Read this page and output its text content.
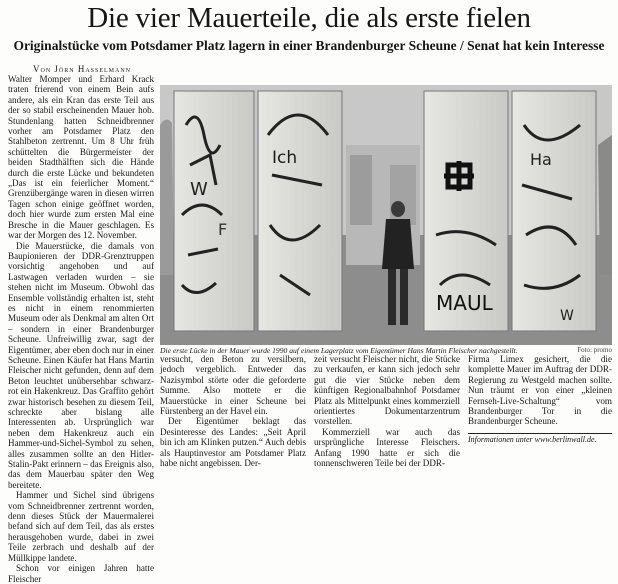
Die vier Mauerteile, die als erste fielen
Originalstücke vom Potsdamer Platz lagern in einer Brandenburger Scheune / Senat hat kein Interesse
Von Jörn Hasselmann

Walter Momper und Erhard Krack traten frierend von einem Bein aufs andere, als ein Kran das erste Teil aus der so stabil erscheinenden Mauer hob. Stundenlang hatten Schneidbrenner vorher am Potsdamer Platz den Stahlbeton zertrennt. Um 8 Uhr früh schüttelten die Bürgermeister der beiden Stadthälften sich die Hände durch die erste Lücke und bekundeten „Das ist ein feierlicher Moment.“ Grenzübergänge waren in diesen wirren Tagen schon einige geöffnet worden, doch hier wurde zum ersten Mal eine Bresche in die Mauer geschlagen. Es war der Morgen des 12. November.

Die Mauerstücke, die damals von Baupionieren der DDR-Grenztruppen vorsichtig angehoben und auf Lastwagen verladen wurden – sie stehen nicht im Museum. Obwohl das Ensemble vollständig erhalten ist, steht es nicht in einem renommierten Museum oder als Denkmal am alten Ort – sondern in einer Brandenburger Scheune. Unfreiwillig zwar, sagt der Eigentümer, aber eben doch nur in einer Scheune. Einen Käufer hat Hans Martin Fleischer nicht gefunden, denn auf dem Beton leuchtet unübersehbar schwarz-rot ein Hakenkreuz. Das Graffito gehört zwar historisch besehen zu diesem Teil, schreckte aber bislang alle Interessenten ab. Ursprünglich war neben dem Hakenkreuz auch ein Hammer-und-Sichel-Symbol zu sehen, alles zusammen sollte an den Hitler-Stalin-Pakt erinnern – das Ereignis also, das dem Mauerbau später den Weg bereitete.

Hammer und Sichel sind übrigens vom Schneidbrenner zertrennt worden, denn dieses Stück der Mauermalerei befand sich auf dem Teil, das als erstes herausgehoben wurde, dabei in zwei Teile zerbrach und deshalb auf der Müllkippe landete.

Schon vor einigen Jahren hatte Fleischer

W
F
Ich
MAUL
Ha
W
Die erste Lücke in der Mauer wurde 1990 auf einem Lagerplatz vom Eigentümer Hans Martin Fleischer nachgestellt.	Foto: promo

versucht, den Beton zu versilbern, jedoch vergeblich. Entweder das Nazisymbol störte oder die geforderte Summe. Also mottete er die Mauerstücke in einer Scheune bei Fürstenberg an der Havel ein.

Der Eigentümer beklagt das Desinteresse des Landes: „Seit April bin ich am Klinken putzen.“ Auch debis als Hauptinvestor am Potsdamer Platz habe nicht angebissen. Der-

zeit versucht Fleischer nicht, die Stücke zu verkaufen, er kann sich jedoch sehr gut die vier Stücke neben dem künftigen Regionalbahnhof Potsdamer Platz als Mittelpunkt eines kommerziell orientiertes Dokumentarzentrum vorstellen.

Kommerziell war auch das ursprüngliche Interesse Fleischers. Anfang 1990 hatte er sich die tonnenschweren Teile bei der DDR-

Firma Limex gesichert, die die komplette Mauer im Auftrag der DDR-Regierung zu Westgeld machen sollte. Nun träumt er von einer „kleinen Fernseh-Live-Schaltung“ vom Brandenburger Tor in die Brandenburger Scheune.

Informationen unter www.berlinwall.de.
